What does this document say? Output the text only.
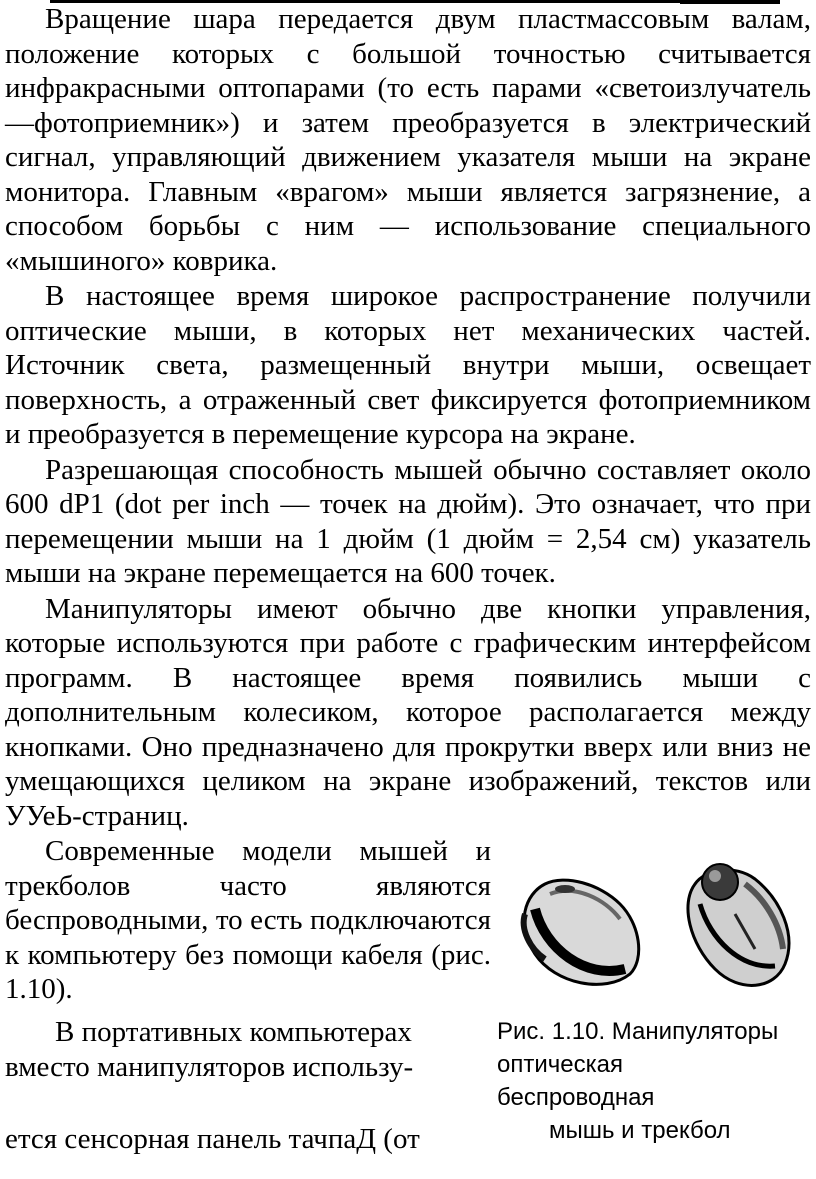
Вращение шара передается двум пластмассовым валам, положение которых с большой точностью считывается инфракрасными оптопарами (то есть парами «светоизлучатель—фотоприемник») и затем преобразуется в электрический сигнал, управляющий движением указателя мыши на экране монитора. Главным «врагом» мыши является загрязнение, а способом борьбы с ним — использование специального «мышиного» коврика.

В настоящее время широкое распространение получили оптические мыши, в которых нет механических частей. Источник света, размещенный внутри мыши, освещает поверхность, а отраженный свет фиксируется фотоприемником и преобразуется в перемещение курсора на экране.

Разрешающая способность мышей обычно составляет около 600 dP1 (dot per inch — точек на дюйм). Это означает, что при перемещении мыши на 1 дюйм (1 дюйм = 2,54 см) указатель мыши на экране перемещается на 600 точек.

Манипуляторы имеют обычно две кнопки управления, которые используются при работе с графическим интерфейсом программ. В настоящее время появились мыши с дополнительным колесиком, которое располагается между кнопками. Оно предназначено для прокрутки вверх или вниз не умещающихся целиком на экране изображений, текстов или УУеЬ-страниц.

Современные модели мышей и трекболов часто являются беспроводными, то есть подключаются к компьютеру без помощи кабеля (рис. 1.10).

В портативных компьютерах
вместо манипуляторов использу-
ется сенсорная панель тачпаД (от

Рис. 1.10. Манипуляторы
оптическая
беспроводная
мышь и трекбол
